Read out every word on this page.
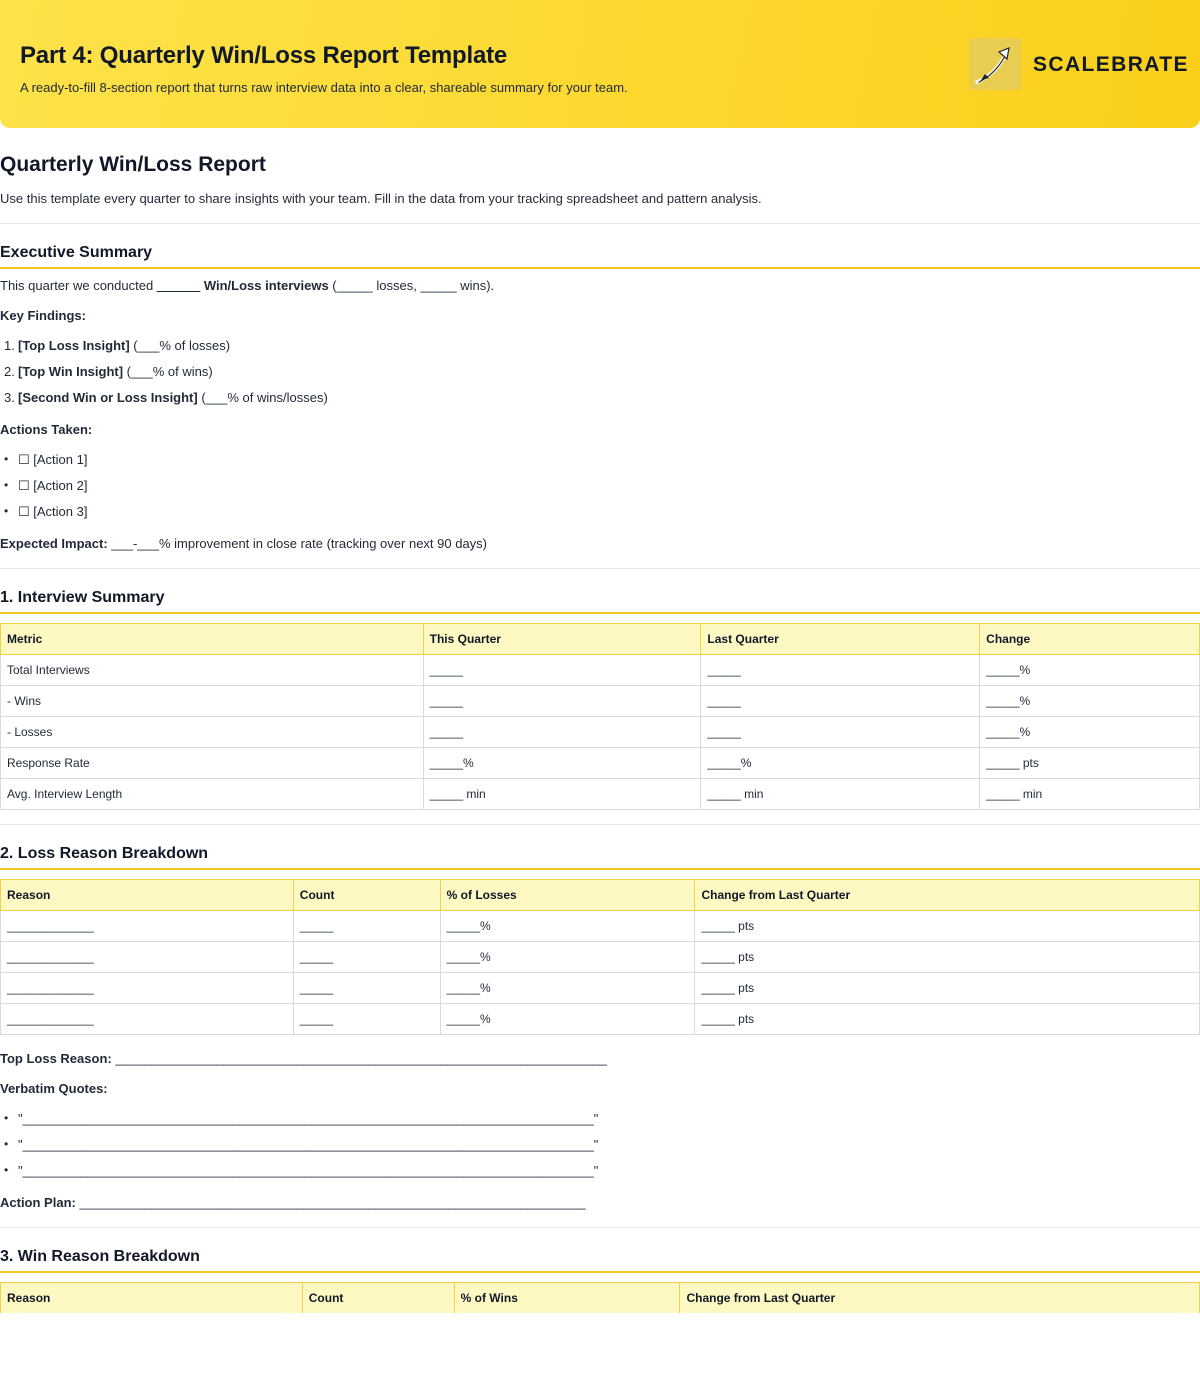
Part 4: Quarterly Win/Loss Report Template
A ready-to-fill 8-section report that turns raw interview data into a clear, shareable summary for your team.
SCALEBRATE
Quarterly Win/Loss Report
Use this template every quarter to share insights with your team. Fill in the data from your tracking spreadsheet and pattern analysis.
Executive Summary
This quarter we conducted ______ Win/Loss interviews (_____ losses, _____ wins).
Key Findings:
1. [Top Loss Insight] (___% of losses)
2. [Top Win Insight] (___% of wins)
3. [Second Win or Loss Insight] (___% of wins/losses)
Actions Taken:
• ☐ [Action 1]
• ☐ [Action 2]
• ☐ [Action 3]
Expected Impact: ___-___% improvement in close rate (tracking over next 90 days)
1. Interview Summary
Metric	This Quarter	Last Quarter	Change
Total Interviews	_____	_____	_____%
- Wins	_____	_____	_____%
- Losses	_____	_____	_____%
Response Rate	_____%	_____%	_____ pts
Avg. Interview Length	_____ min	_____ min	_____ min
2. Loss Reason Breakdown
Reason	Count	% of Losses	Change from Last Quarter
_____________	_____	_____%	_____ pts
_____________	_____	_____%	_____ pts
_____________	_____	_____%	_____ pts
_____________	_____	_____%	_____ pts
Top Loss Reason: ____________________________________________________________________
Verbatim Quotes:
• "_______________________________________________________________________________"
• "_______________________________________________________________________________"
• "_______________________________________________________________________________"
Action Plan: ______________________________________________________________________
3. Win Reason Breakdown
Reason	Count	% of Wins	Change from Last Quarter
